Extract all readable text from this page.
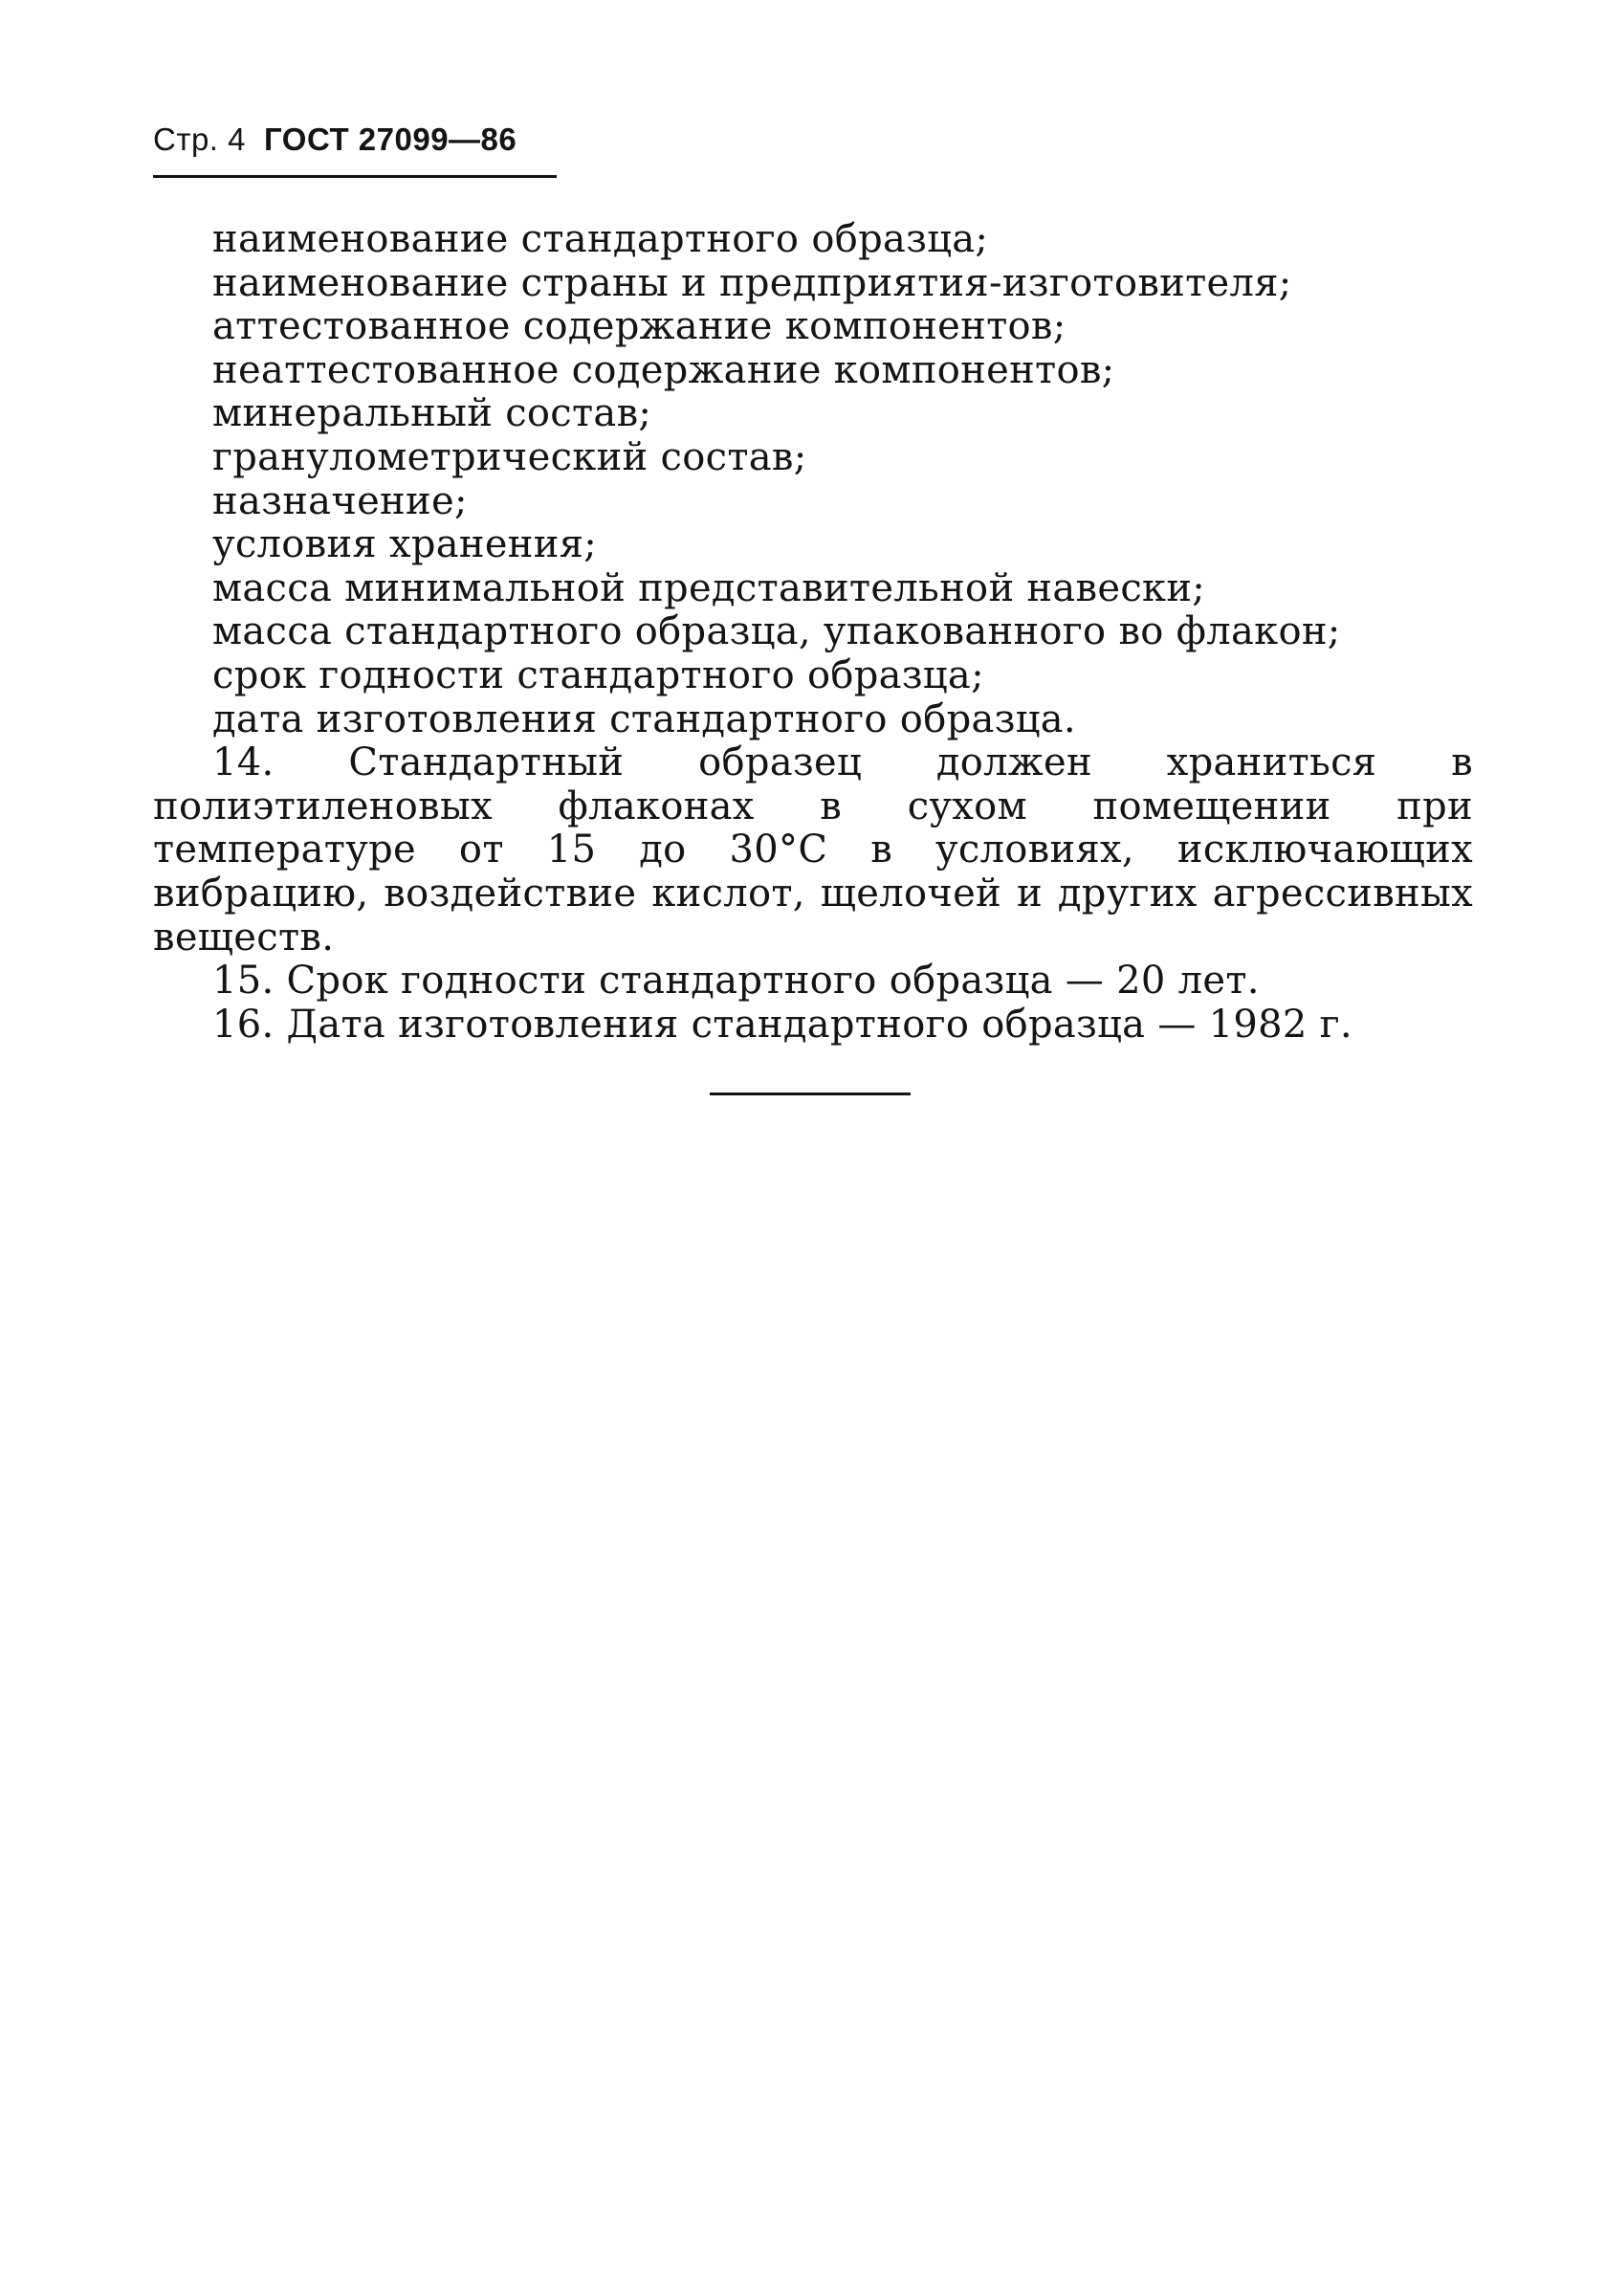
Стр. 4 ГОСТ 27099—86
наименование стандартного образца;
наименование страны и предприятия-изготовителя;
аттестованное содержание компонентов;
неаттестованное содержание компонентов;
минеральный состав;
гранулометрический состав;
назначение;
условия хранения;
масса минимальной представительной навески;
масса стандартного образца, упакованного во флакон;
срок годности стандартного образца;
дата изготовления стандартного образца.
14. Стандартный образец должен храниться в полиэтиленовых флаконах в сухом помещении при температуре от 15 до 30°C в условиях, исключающих вибрацию, воздействие кислот, щелочей и других агрессивных веществ.
15. Срок годности стандартного образца — 20 лет.
16. Дата изготовления стандартного образца — 1982 г.
